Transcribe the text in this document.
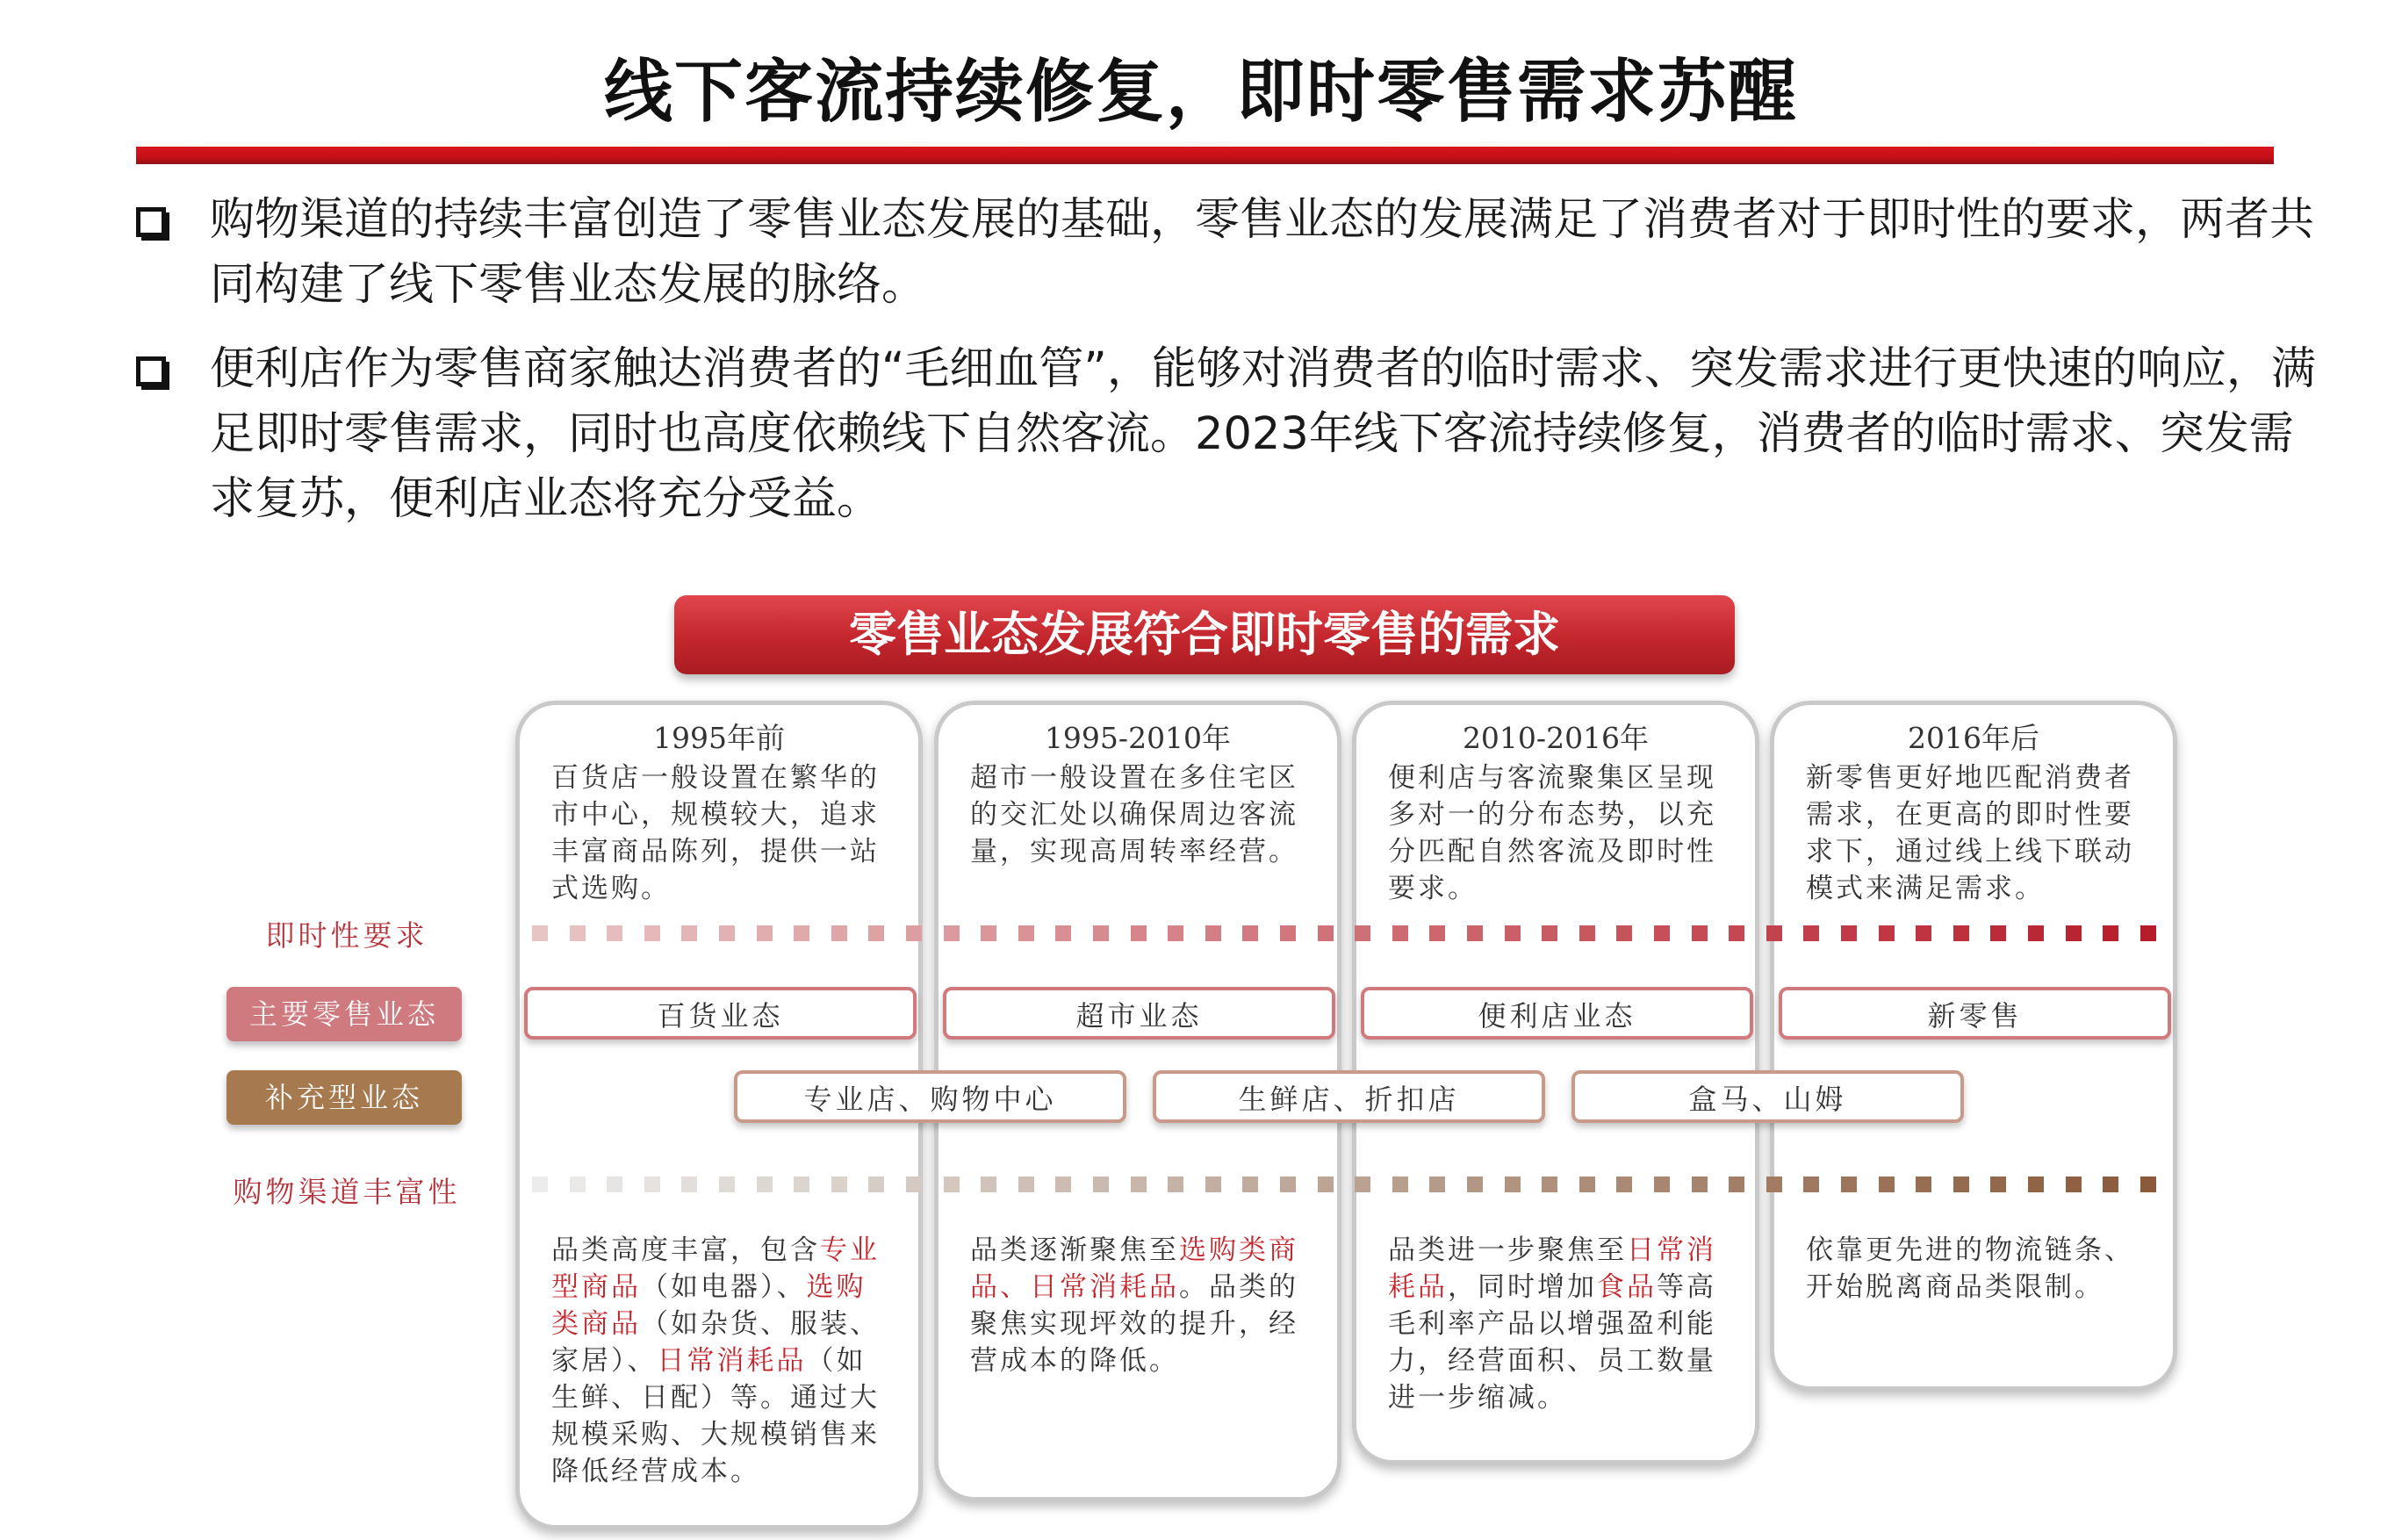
线下客流持续修复，即时零售需求苏醒
购物渠道的持续丰富创造了零售业态发展的基础，零售业态的发展满足了消费者对于即时性的要求，两者共同构建了线下零售业态发展的脉络。
便利店作为零售商家触达消费者的“毛细血管”，能够对消费者的临时需求、突发需求进行更快速的响应，满足即时零售需求，同时也高度依赖线下自然客流。2023年线下客流持续修复，消费者的临时需求、突发需求复苏，便利店业态将充分受益。
1995年前
百货店一般设置在繁华的市中心，规模较大，追求丰富商品陈列，提供一站式选购。
品类高度丰富，包含专业型商品（如电器）、选购类商品（如杂货、服装、家居）、日常消耗品（如生鲜、日配）等。通过大规模采购、大规模销售来降低经营成本。
1995-2010年
超市一般设置在多住宅区的交汇处以确保周边客流量，实现高周转率经营。
品类逐渐聚焦至选购类商品、日常消耗品。品类的聚焦实现坪效的提升，经营成本的降低。
2010-2016年
便利店与客流聚集区呈现多对一的分布态势，以充分匹配自然客流及即时性要求。
品类进一步聚焦至日常消耗品，同时增加食品等高毛利率产品以增强盈利能力，经营面积、员工数量进一步缩减。
2016年后
新零售更好地匹配消费者需求，在更高的即时性要求下，通过线上线下联动模式来满足需求。
依靠更先进的物流链条、开始脱离商品类限制。
零售业态发展符合即时零售的需求
即时性要求
主要零售业态
补充型业态
购物渠道丰富性
百货业态	超市业态	便利店业态	新零售
专业店、购物中心	生鲜店、折扣店	盒马、山姆
